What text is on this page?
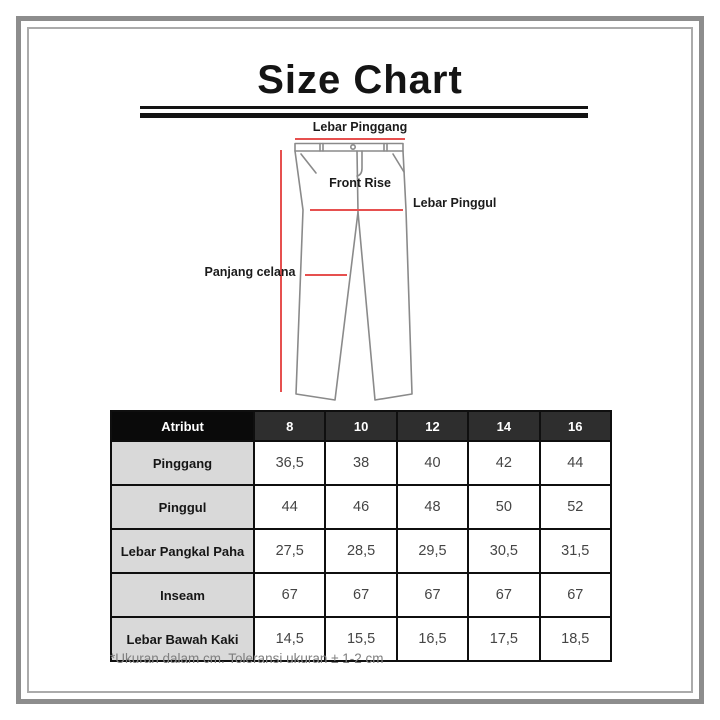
Size Chart
Lebar Pinggang
Front Rise
Lebar Pinggul
Panjang celana
Atribut	8	10	12	14	16
Pinggang	36,5	38	40	42	44
Pinggul	44	46	48	50	52
Lebar Pangkal Paha	27,5	28,5	29,5	30,5	31,5
Inseam	67	67	67	67	67
Lebar Bawah Kaki	14,5	15,5	16,5	17,5	18,5
*Ukuran dalam cm. Toleransi ukuran ± 1-2 cm
